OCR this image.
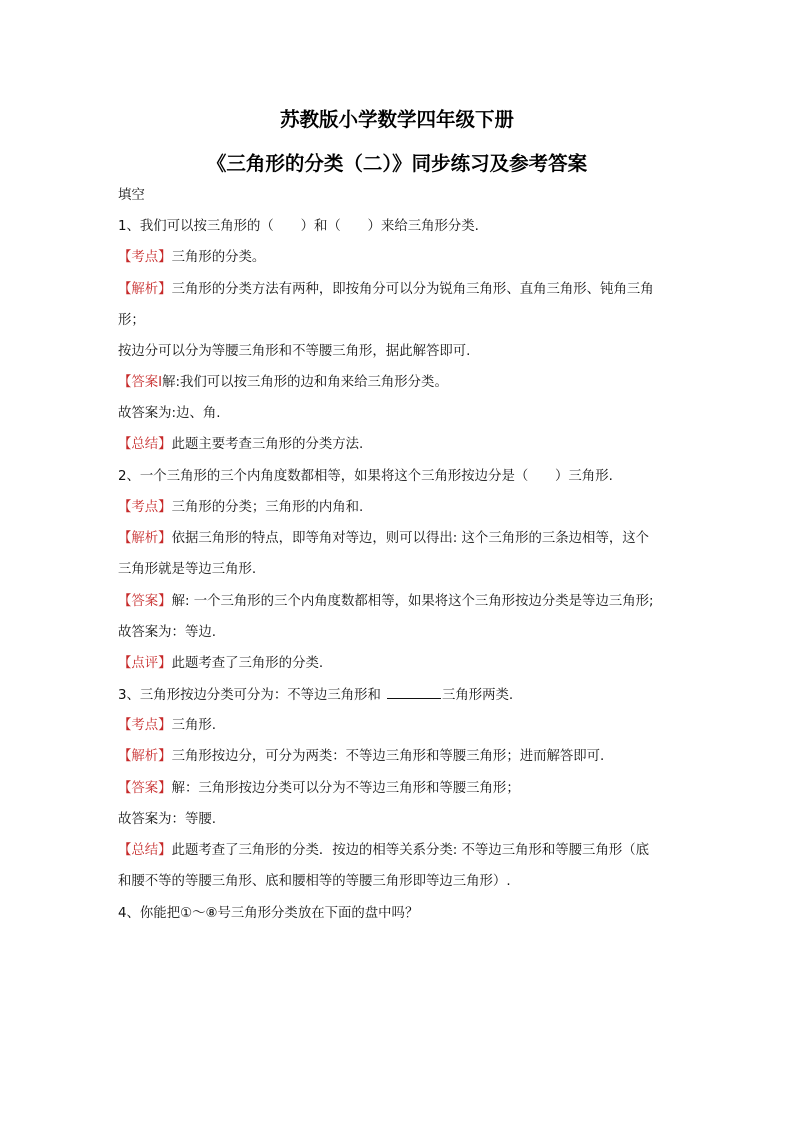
苏教版小学数学四年级下册
《三角形的分类（二）》同步练习及参考答案
填空
1、我们可以按三角形的（　　）和（　　）来给三角形分类.
【考点】三角形的分类。
【解析】三角形的分类方法有两种，即按角分可以分为锐角三角形、直角三角形、钝角三角
形；
按边分可以分为等腰三角形和不等腰三角形，据此解答即可.
【答案Ⅰ解:我们可以按三角形的边和角来给三角形分类。
故答案为:边、角.
【总结】此题主要考查三角形的分类方法.
2、一个三角形的三个内角度数都相等，如果将这个三角形按边分是（　　）三角形.
【考点】三角形的分类；三角形的内角和.
【解析】依据三角形的特点，即等角对等边，则可以得出: 这个三角形的三条边相等，这个
三角形就是等边三角形.
【答案】解: 一个三角形的三个内角度数都相等，如果将这个三角形按边分类是等边三角形;
故答案为：等边.
【点评】此题考查了三角形的分类.
3、三角形按边分类可分为：不等边三角形和	三角形两类.
【考点】三角形.
【解析】三角形按边分，可分为两类：不等边三角形和等腰三角形；进而解答即可.
【答案】解：三角形按边分类可以分为不等边三角形和等腰三角形；
故答案为：等腰.
【总结】此题考查了三角形的分类．按边的相等关系分类: 不等边三角形和等腰三角形（底
和腰不等的等腰三角形、底和腰相等的等腰三角形即等边三角形）.
4、你能把①～⑧号三角形分类放在下面的盘中吗？
